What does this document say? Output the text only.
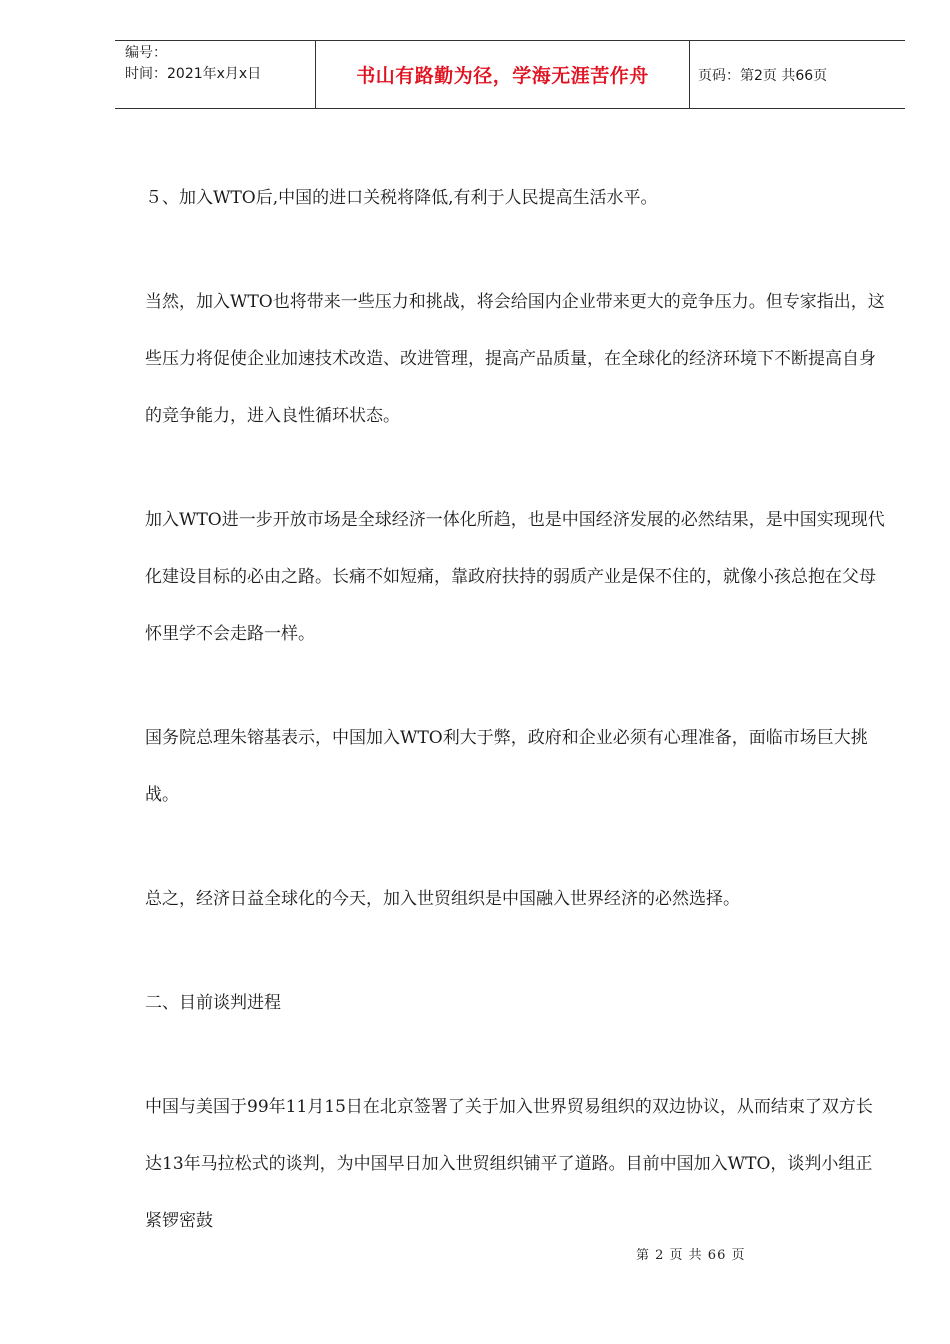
编号：
时间：2021年x月x日	书山有路勤为径，学海无涯苦作舟	页码：第2页 共66页

５、加入WTO后,中国的进口关税将降低,有利于人民提高生活水平。

当然，加入WTO也将带来一些压力和挑战，将会给国内企业带来更大的竞争压力。但专家指出，这些压力将促使企业加速技术改造、改进管理，提高产品质量，在全球化的经济环境下不断提高自身的竞争能力，进入良性循环状态。

加入WTO进一步开放市场是全球经济一体化所趋，也是中国经济发展的必然结果，是中国实现现代化建设目标的必由之路。长痛不如短痛，靠政府扶持的弱质产业是保不住的，就像小孩总抱在父母怀里学不会走路一样。

国务院总理朱镕基表示，中国加入WTO利大于弊，政府和企业必须有心理准备，面临市场巨大挑战。

总之，经济日益全球化的今天，加入世贸组织是中国融入世界经济的必然选择。

二、目前谈判进程

中国与美国于99年11月15日在北京签署了关于加入世界贸易组织的双边协议，从而结束了双方长达13年马拉松式的谈判，为中国早日加入世贸组织铺平了道路。目前中国加入WTO，谈判小组正紧锣密鼓

第 2 页 共 66 页
